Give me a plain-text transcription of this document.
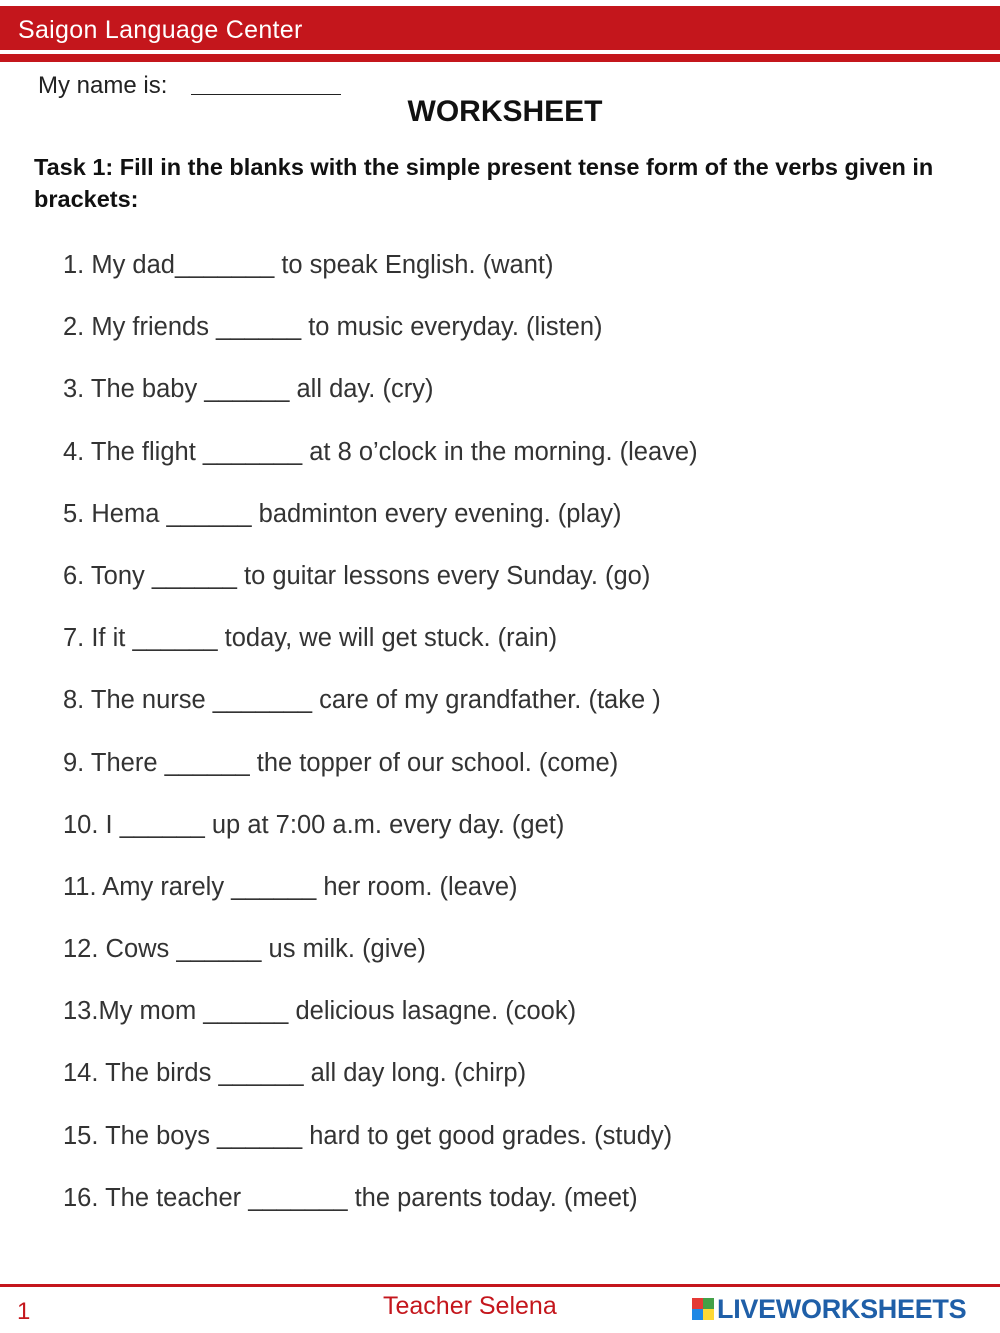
Saigon Language Center
My name is:
WORKSHEET
Task 1: Fill in the blanks with the simple present tense form of the verbs given in brackets:
1. My dad_______ to speak English. (want)
2. My friends ______ to music everyday. (listen)
3. The baby ______ all day. (cry)
4. The flight _______ at 8 o’clock in the morning. (leave)
5. Hema ______ badminton every evening. (play)
6. Tony ______ to guitar lessons every Sunday. (go)
7. If it ______ today, we will get stuck. (rain)
8. The nurse _______ care of my grandfather. (take )
9. There ______ the topper of our school. (come)
10. I ______ up at 7:00 a.m. every day. (get)
11. Amy rarely ______ her room. (leave)
12. Cows ______ us milk. (give)
13.My mom ______ delicious lasagne. (cook)
14. The birds ______ all day long. (chirp)
15. The boys ______ hard to get good grades. (study)
16. The teacher _______ the parents today. (meet)
1	Teacher Selena	LIVEWORKSHEETS
